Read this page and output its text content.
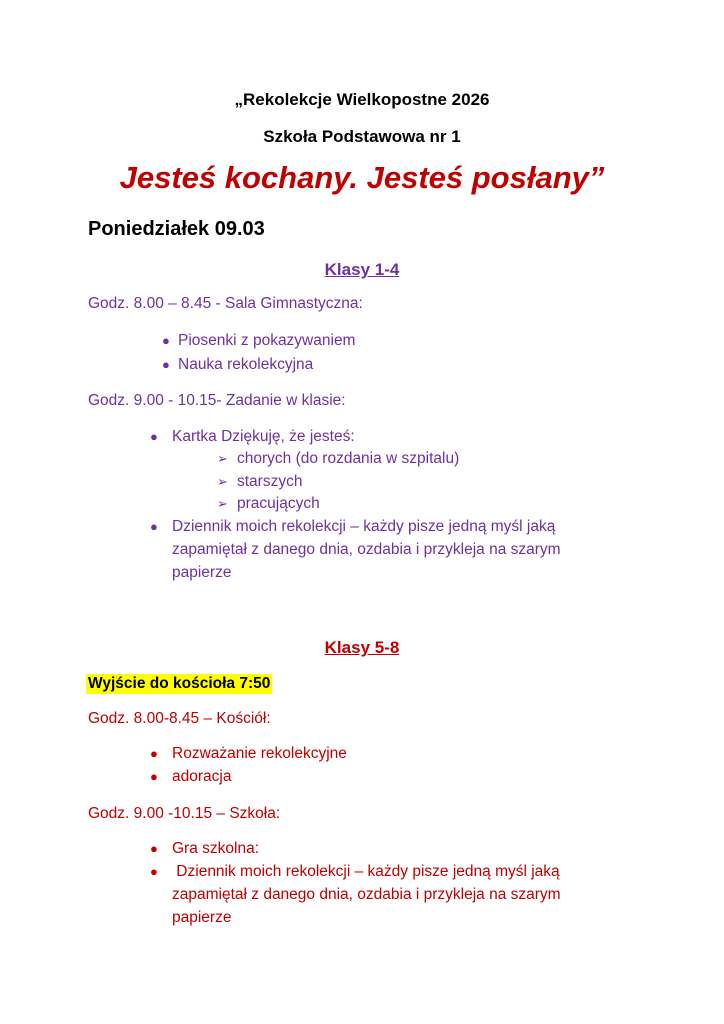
„Rekolekcje Wielkopostne 2026
Szkoła Podstawowa nr 1
Jesteś kochany. Jesteś posłany”
Poniedziałek 09.03
Klasy 1-4
Godz. 8.00 – 8.45 - Sala Gimnastyczna:
● Piosenki z pokazywaniem
● Nauka rekolekcyjna
Godz. 9.00 - 10.15- Zadanie w klasie:
● Kartka Dziękuję, że jesteś:
➢ chorych (do rozdania w szpitalu)
➢ starszych
➢ pracujących
● Dziennik moich rekolekcji – każdy pisze jedną myśl jaką
zapamiętał z danego dnia, ozdabia i przykleja na szarym
papierze
Klasy 5-8
Wyjście do kościoła 7:50
Godz. 8.00-8.45 – Kościół:
● Rozważanie rekolekcyjne
● adoracja
Godz. 9.00 -10.15 – Szkoła:
● Gra szkolna:
● Dziennik moich rekolekcji – każdy pisze jedną myśl jaką
zapamiętał z danego dnia, ozdabia i przykleja na szarym
papierze
